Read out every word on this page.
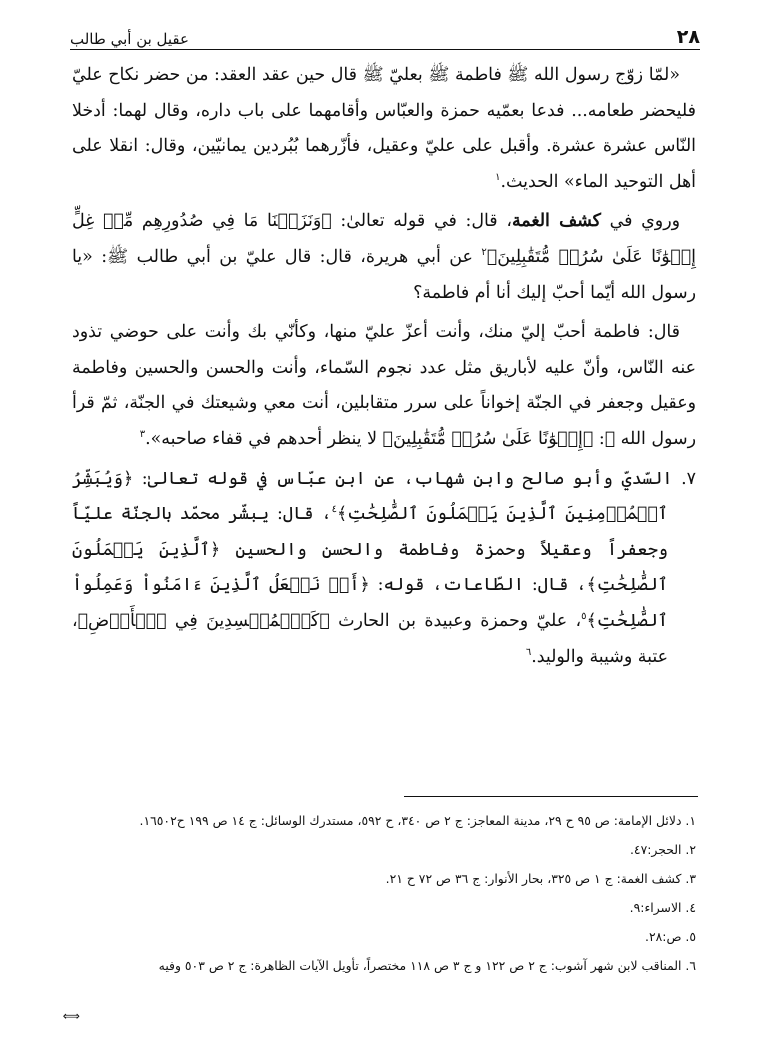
٢٨
عقيل بن أبي طالب

«لمّا زوّج رسول الله ﷺ فاطمة ﷺ بعليّ ﷺ قال حين عقد العقد: من حضر نكاح عليّ فليحضر طعامه... فدعا بعمّيه حمزة والعبّاس وأقامهما على باب داره، وقال لهما: أدخلا النّاس عشرة عشرة. وأقبل على عليّ وعقيل، فأزّرهما بُبُردين يمانيّين، وقال: انقلا على أهل التوحيد الماء» الحديث.$^١$

وروي في كشف الغمة، قال: في قوله تعالىٰ: ﴿وَنَزَعۡنَا مَا فِي صُدُورِهِم مِّنۡ غِلٍّ إِخۡوَٰنًا عَلَىٰ سُرُرٖ مُّتَقَٰبِلِينَ﴾$^٢$ عن أبي هريرة، قال: قال عليّ بن أبي طالب ﷺ: «يا رسول الله أيّما أحبّ إليك أنا أم فاطمة؟

قال: فاطمة أحبّ إليّ منك، وأنت أعزّ عليّ منها، وكأنّي بك وأنت على حوضي تذود عنه النّاس، وأنّ عليه لأباريق مثل عدد نجوم السّماء، وأنت والحسن والحسين وفاطمة وعقيل وجعفر في الجنّة إخواناً على سرر متقابلين، أنت معي وشيعتك في الجنّة، ثمّ قرأ رسول الله ﷺ: ﴿إِخۡوَٰنًا عَلَىٰ سُرُرٖ مُّتَقَٰبِلِينَ﴾ لا ينظر أحدهم في قفاء صاحبه».$^٣$

٧. السّديّ وأبو صالح وابن شهاب، عن ابن عبّاس في قوله تعالىٰ: ﴿وَيُبَشِّرُ ٱلۡمُؤۡمِنِينَ ٱلَّذِينَ يَعۡمَلُونَ ٱلصَّٰلِحَٰتِ﴾$^٤$، قال: يبشّر محمّد بالجنّة عليّاً وجعفراً وعقيلاً وحمزة وفاطمة والحسن والحسين ﴿ٱلَّذِينَ يَعۡمَلُونَ ٱلصَّٰلِحَٰتِ﴾، قال: الطّاعات، قوله: ﴿أَمۡ نَجۡعَلُ ٱلَّذِينَ ءَامَنُواْ وَعَمِلُواْ ٱلصَّٰلِحَٰتِ﴾$^٥$، عليّ وحمزة وعبيدة بن الحارث ﴿كَٱلۡمُفۡسِدِينَ فِي ٱلۡأَرۡضِ﴾، عتبة وشيبة والوليد.$^٦$

١. دلائل الإمامة: ص ٩٥ ح ٢٩، مدينة المعاجز: ج ٢ ص ٣٤٠، ح ٥٩٢، مستدرك الوسائل: ج ١٤ ص ١٩٩ ح١٦٥٠٢.

٢. الحجر:٤٧.

٣. كشف الغمة: ج ١ ص ٣٢٥، بحار الأنوار: ج ٣٦ ص ٧٢ ح ٢١.

٤. الاسراء:٩.

٥. ص:٢٨.

٦. المناقب لابن شهر آشوب: ج ٢ ص ١٢٢ و ج ٣ ص ١١٨ مختصراً، تأويل الآيات الظاهرة: ج ٢ ص ٥٠٣ وفيه

⟺
